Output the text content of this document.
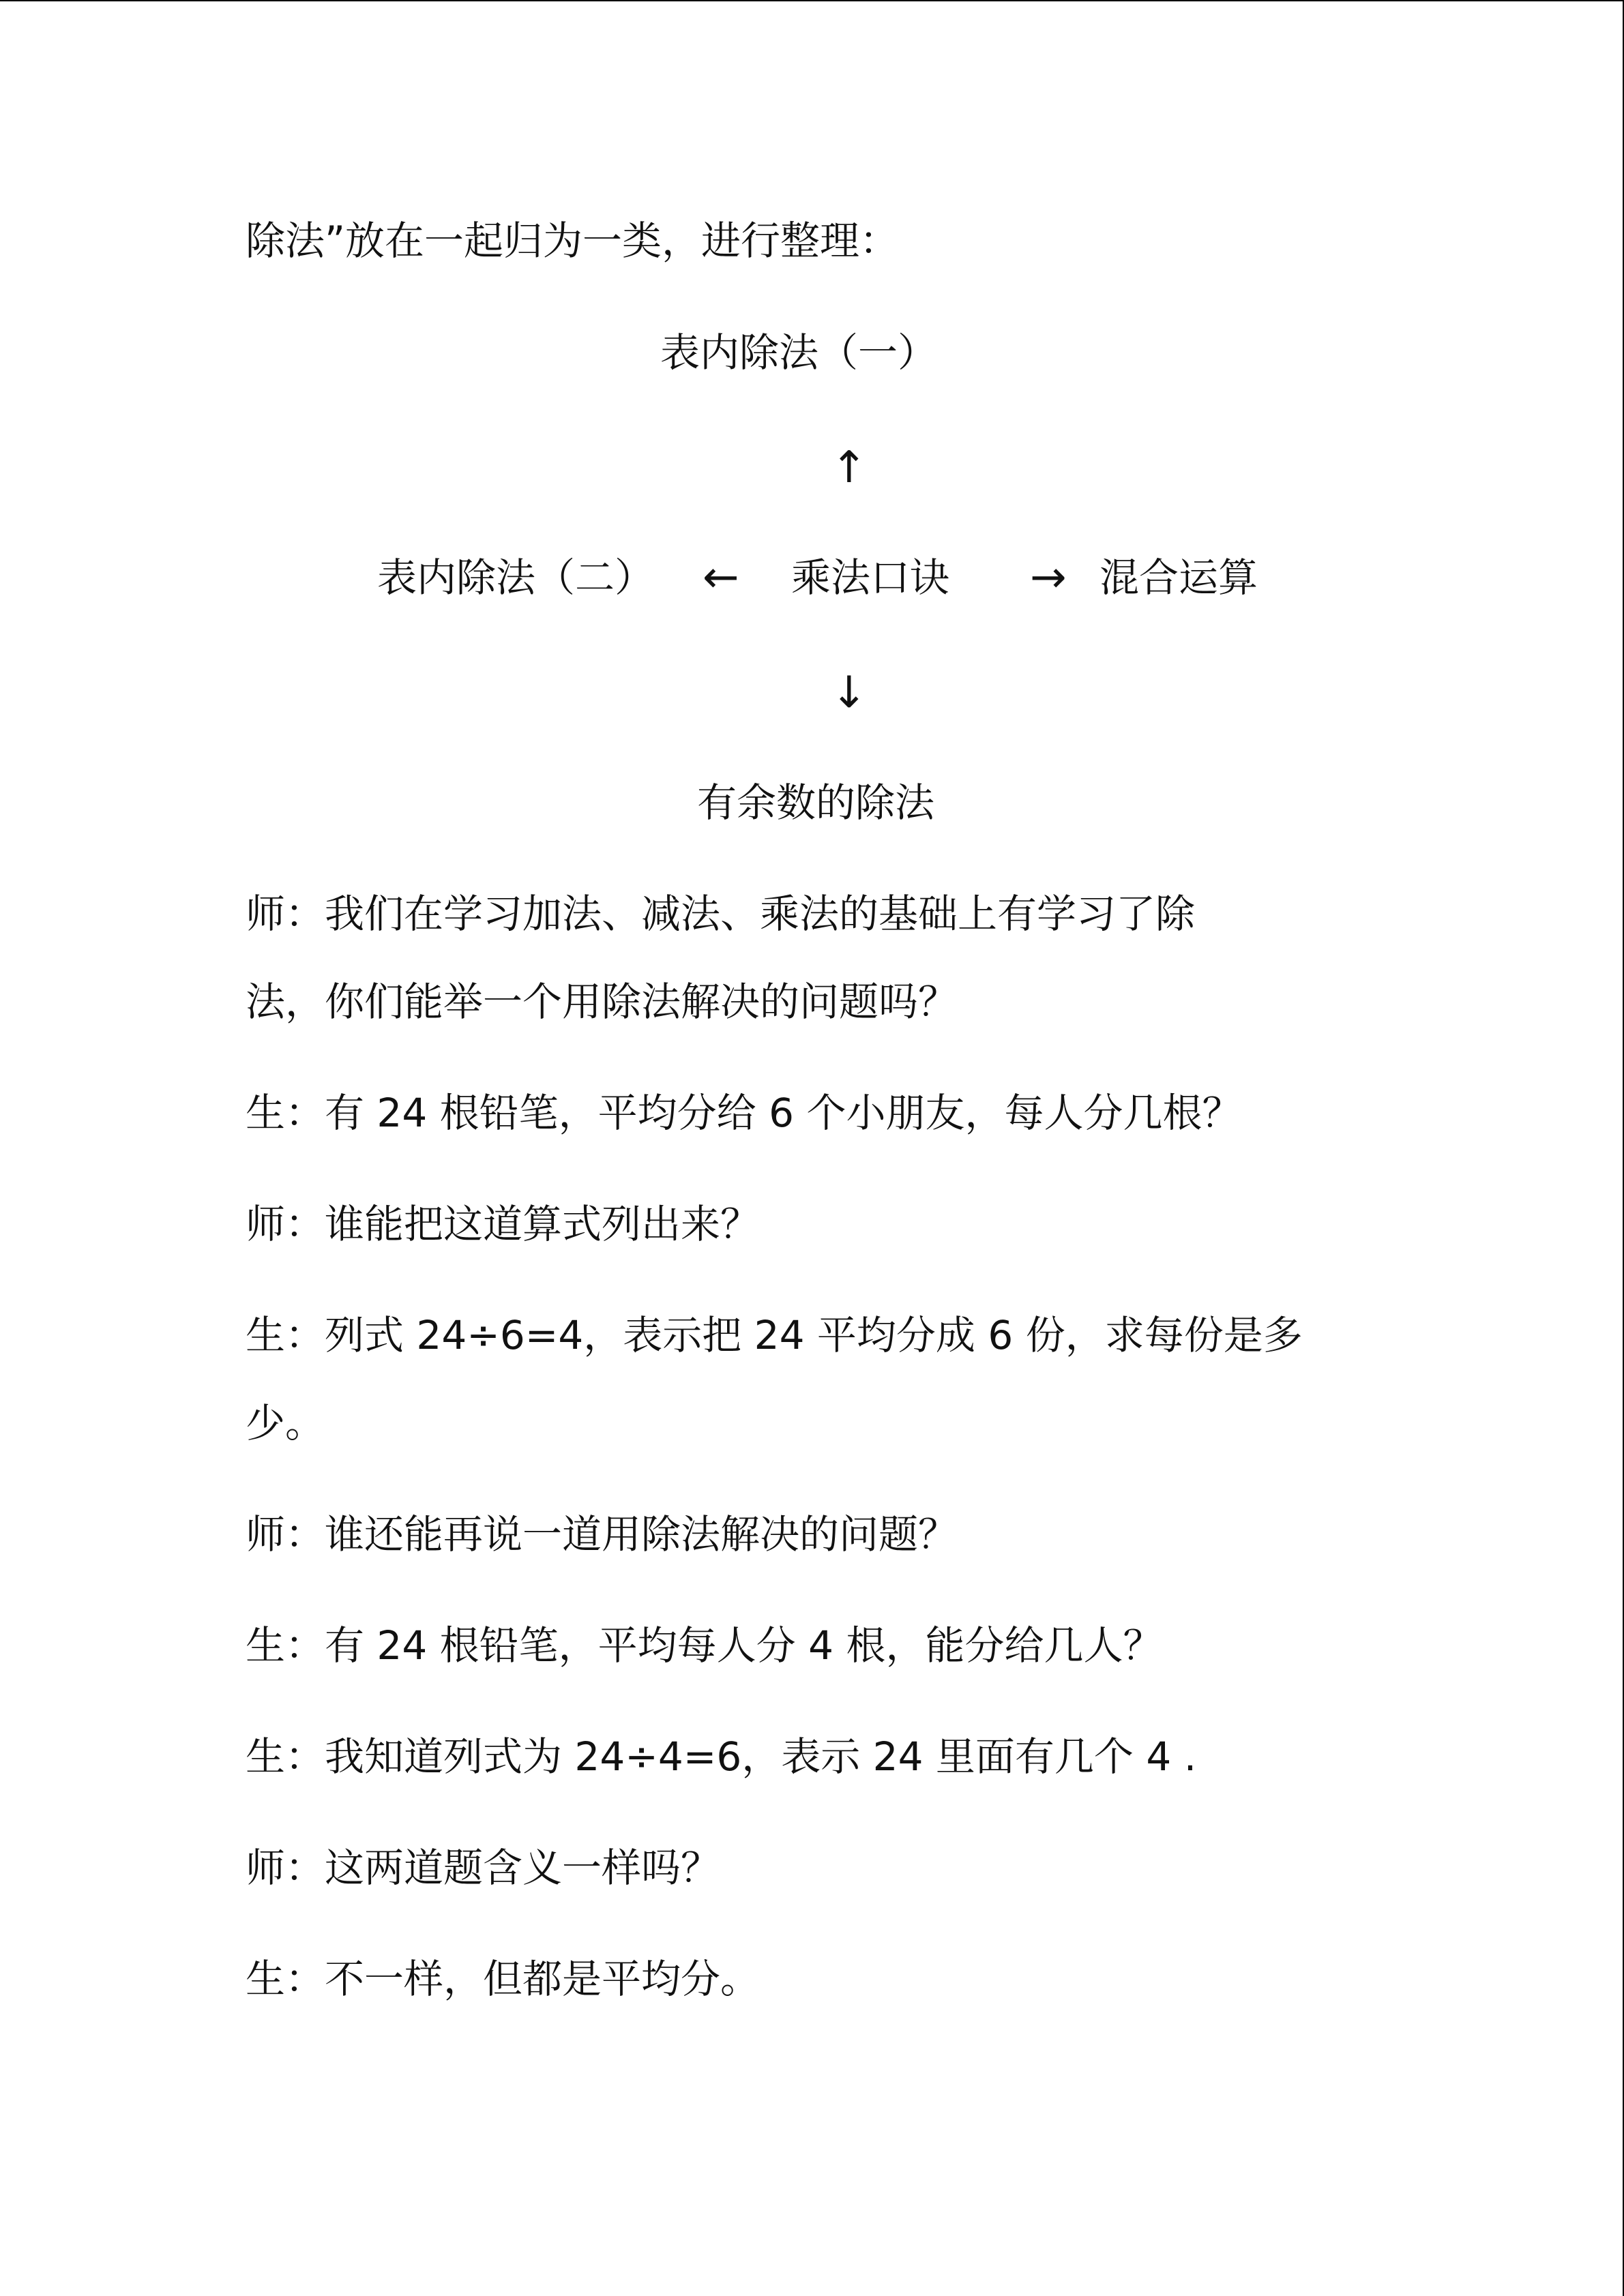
除法”放在一起归为一类，进行整理：
表内除法（一）
↑
表内除法（二） ← 乘法口诀 → 混合运算
↓
有余数的除法
师：我们在学习加法、减法、乘法的基础上有学习了除
法，你们能举一个用除法解决的问题吗？
生：有 24 根铅笔，平均分给 6 个小朋友，每人分几根？
师：谁能把这道算式列出来？
生：列式 24÷6=4，表示把 24 平均分成 6 份，求每份是多
少。
师：谁还能再说一道用除法解决的问题？
生：有 24 根铅笔，平均每人分 4 根，能分给几人？
生：我知道列式为 24÷4=6，表示 24 里面有几个 4 .
师：这两道题含义一样吗？
生：不一样，但都是平均分。
